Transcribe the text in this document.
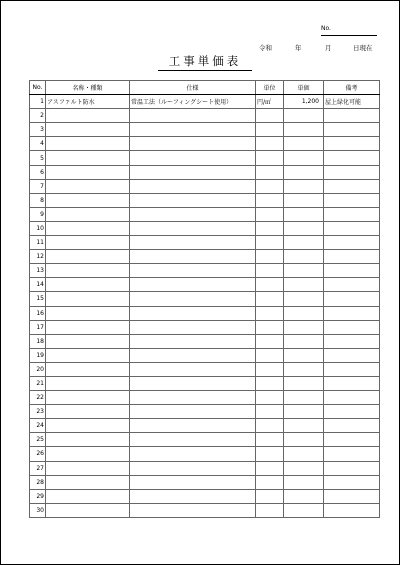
No.
令和	年	月	日現在
工事単価表
No.	名称・種類	仕様	単位	単価	備考
1	アスファルト防水	常温工法（ルーフィングシート使用）	円/㎡	1,200	屋上緑化可能
2					
3					
4					
5					
6					
7					
8					
9					
10					
11					
12					
13					
14					
15					
16					
17					
18					
19					
20					
21					
22					
23					
24					
25					
26					
27					
28					
29					
30					
